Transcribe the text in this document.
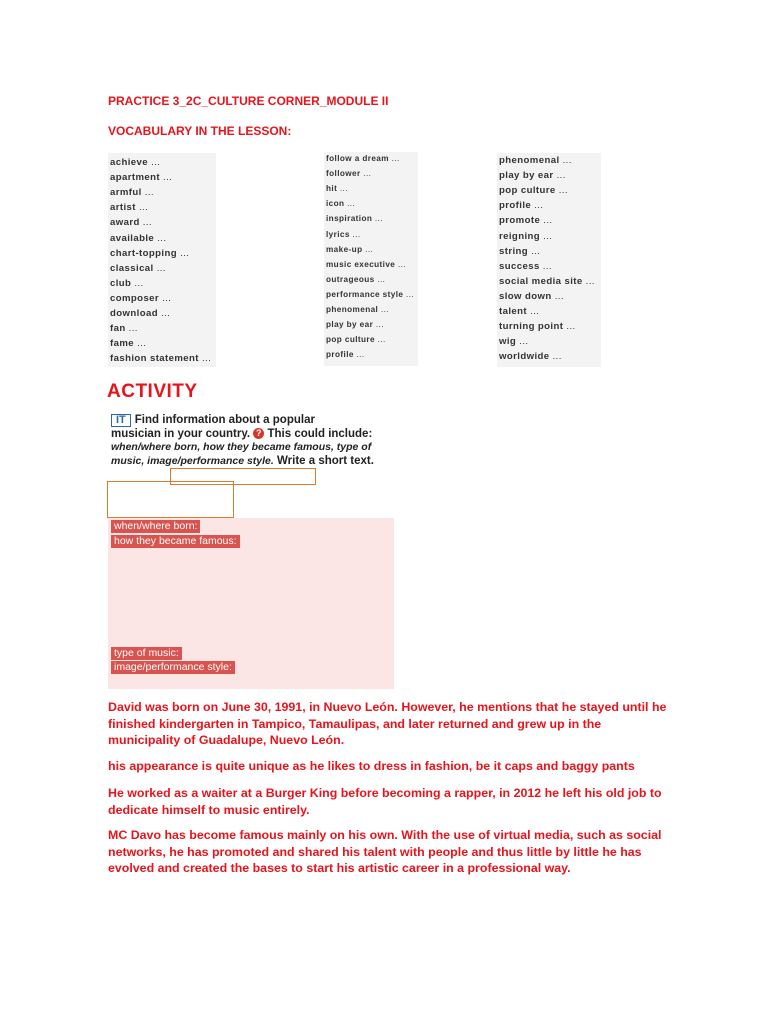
PRACTICE 3_2C_CULTURE CORNER_MODULE II
VOCABULARY IN THE LESSON:
achieve ...
apartment ...
armful ...
artist ...
award ...
available ...
chart-topping ...
classical ...
club ...
composer ...
download ...
fan ...
fame ...
fashion statement ...
follow a dream ...
follower ...
hit ...
icon ...
inspiration ...
lyrics ...
make-up ...
music executive ...
outrageous ...
performance style ...
phenomenal ...
play by ear ...
pop culture ...
profile ...
phenomenal ...
play by ear ...
pop culture ...
profile ...
promote ...
reigning ...
string ...
success ...
social media site ...
slow down ...
talent ...
turning point ...
wig ...
worldwide ...
ACTIVITY
IT Find information about a popular
musician in your country. ? This could include:
when/where born, how they became famous, type of music, image/performance style. Write a short text.
when/where born:
how they became famous:
type of music:
image/performance style:
David was born on June 30, 1991, in Nuevo León. However, he mentions that he stayed until he finished kindergarten in Tampico, Tamaulipas, and later returned and grew up in the municipality of Guadalupe, Nuevo León.
his appearance is quite unique as he likes to dress in fashion, be it caps and baggy pants
He worked as a waiter at a Burger King before becoming a rapper, in 2012 he left his old job to dedicate himself to music entirely.
MC Davo has become famous mainly on his own. With the use of virtual media, such as social networks, he has promoted and shared his talent with people and thus little by little he has evolved and created the bases to start his artistic career in a professional way.
